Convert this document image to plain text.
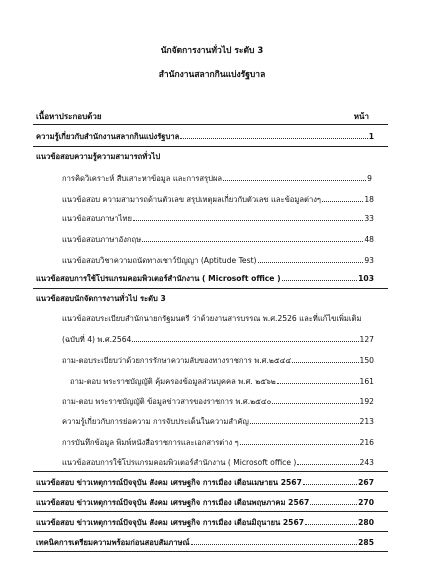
นักจัดการงานทั่วไป ระดับ 3
สำนักงานสลากกินแบ่งรัฐบาล
เนื้อหาประกอบด้วย	หน้า
ความรู้เกี่ยวกับสำนักงานสลากกินแบ่งรัฐบาล	1
แนวข้อสอบความรู้ความสามารถทั่วไป
การคิดวิเคราะห์ สืบเสาะหาข้อมูล และการสรุปผล	9
แนวข้อสอบ ความสามารถด้านตัวเลข สรุปเหตุผลเกี่ยวกับตัวเลข และข้อมูลต่างๆ	18
แนวข้อสอบภาษาไทย	33
แนวข้อสอบภาษาอังกฤษ	48
แนวข้อสอบวิชาความถนัดทางเชาว์ปัญญา (Aptitude Test)	93
แนวข้อสอบการใช้โปรแกรมคอมพิวเตอร์สำนักงาน ( Microsoft office )	103
แนวข้อสอบนักจัดการงานทั่วไป ระดับ 3
แนวข้อสอบระเบียบสำนักนายกรัฐมนตรี ว่าด้วยงานสารบรรณ พ.ศ.2526 และที่แก้ไขเพิ่มเติม
(ฉบับที่ 4) พ.ศ.2564	127
ถาม-ตอบระเบียบว่าด้วยการรักษาความลับของทางราชการ พ.ศ.๒๕๔๔	150
ถาม-ตอบ พระราชบัญญัติ คุ้มครองข้อมูลส่วนบุคคล พ.ศ. ๒๕๖๒	161
ถาม-ตอบ พระราชบัญญัติ ข้อมูลข่าวสารของราชการ พ.ศ.๒๕๔๐	192
ความรู้เกี่ยวกับการย่อความ การจับประเด็นในความสำคัญ	213
การบันทึกข้อมูล พิมพ์หนังสือราชการและเอกสารต่าง ๆ	216
แนวข้อสอบการใช้โปรแกรมคอมพิวเตอร์สำนักงาน ( Microsoft office )	243
แนวข้อสอบ ข่าวเหตุการณ์ปัจจุบัน สังคม เศรษฐกิจ การเมือง เดือนเมษายน 2567	267
แนวข้อสอบ ข่าวเหตุการณ์ปัจจุบัน สังคม เศรษฐกิจ การเมือง เดือนพฤษภาคม 2567	270
แนวข้อสอบ ข่าวเหตุการณ์ปัจจุบัน สังคม เศรษฐกิจ การเมือง เดือนมิถุนายน 2567	280
เทคนิคการเตรียมความพร้อมก่อนสอบสัมภาษณ์	285
